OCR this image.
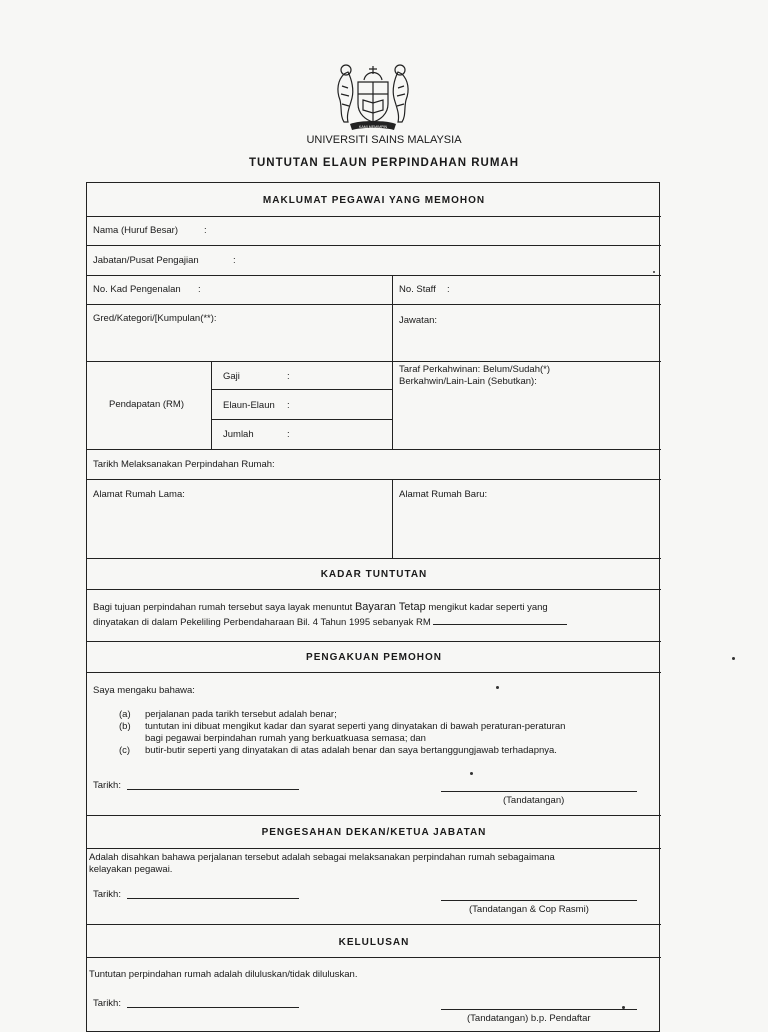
KAMI MEMIMPIN
UNIVERSITI SAINS MALAYSIA
TUNTUTAN ELAUN PERPINDAHAN RUMAH
MAKLUMAT PEGAWAI YANG MEMOHON
Nama (Huruf Besar)	:
Jabatan/Pusat Pengajian	:
No. Kad Pengenalan :	No. Staff :
Gred/Kategori/[Kumpulan(**):	Jawatan:
Pendapatan (RM)
Gaji	:
Elaun-Elaun :
Jumlah	:
Taraf Perkahwinan: Belum/Sudah(*)
Berkahwin/Lain-Lain (Sebutkan):
Tarikh Melaksanakan Perpindahan Rumah:
Alamat Rumah Lama:	Alamat Rumah Baru:
KADAR TUNTUTAN
Bagi tujuan perpindahan rumah tersebut saya layak menuntut Bayaran Tetap mengikut kadar seperti yang
dinyatakan di dalam Pekeliling Perbendaharaan Bil. 4 Tahun 1995 sebanyak RM
PENGAKUAN PEMOHON
Saya mengaku bahawa:
(a) perjalanan pada tarikh tersebut adalah benar;
(b) tuntutan ini dibuat mengikut kadar dan syarat seperti yang dinyatakan di bawah peraturan-peraturan
bagi pegawai berpindahan rumah yang berkuatkuasa semasa; dan
(c) butir-butir seperti yang dinyatakan di atas adalah benar dan saya bertanggungjawab terhadapnya.
Tarikh:
(Tandatangan)
PENGESAHAN DEKAN/KETUA JABATAN
Adalah disahkan bahawa perjalanan tersebut adalah sebagai melaksanakan perpindahan rumah sebagaimana
kelayakan pegawai.
Tarikh:
(Tandatangan & Cop Rasmi)
KELULUSAN
Tuntutan perpindahan rumah adalah diluluskan/tidak diluluskan.
Tarikh:
(Tandatangan) b.p. Pendaftar
